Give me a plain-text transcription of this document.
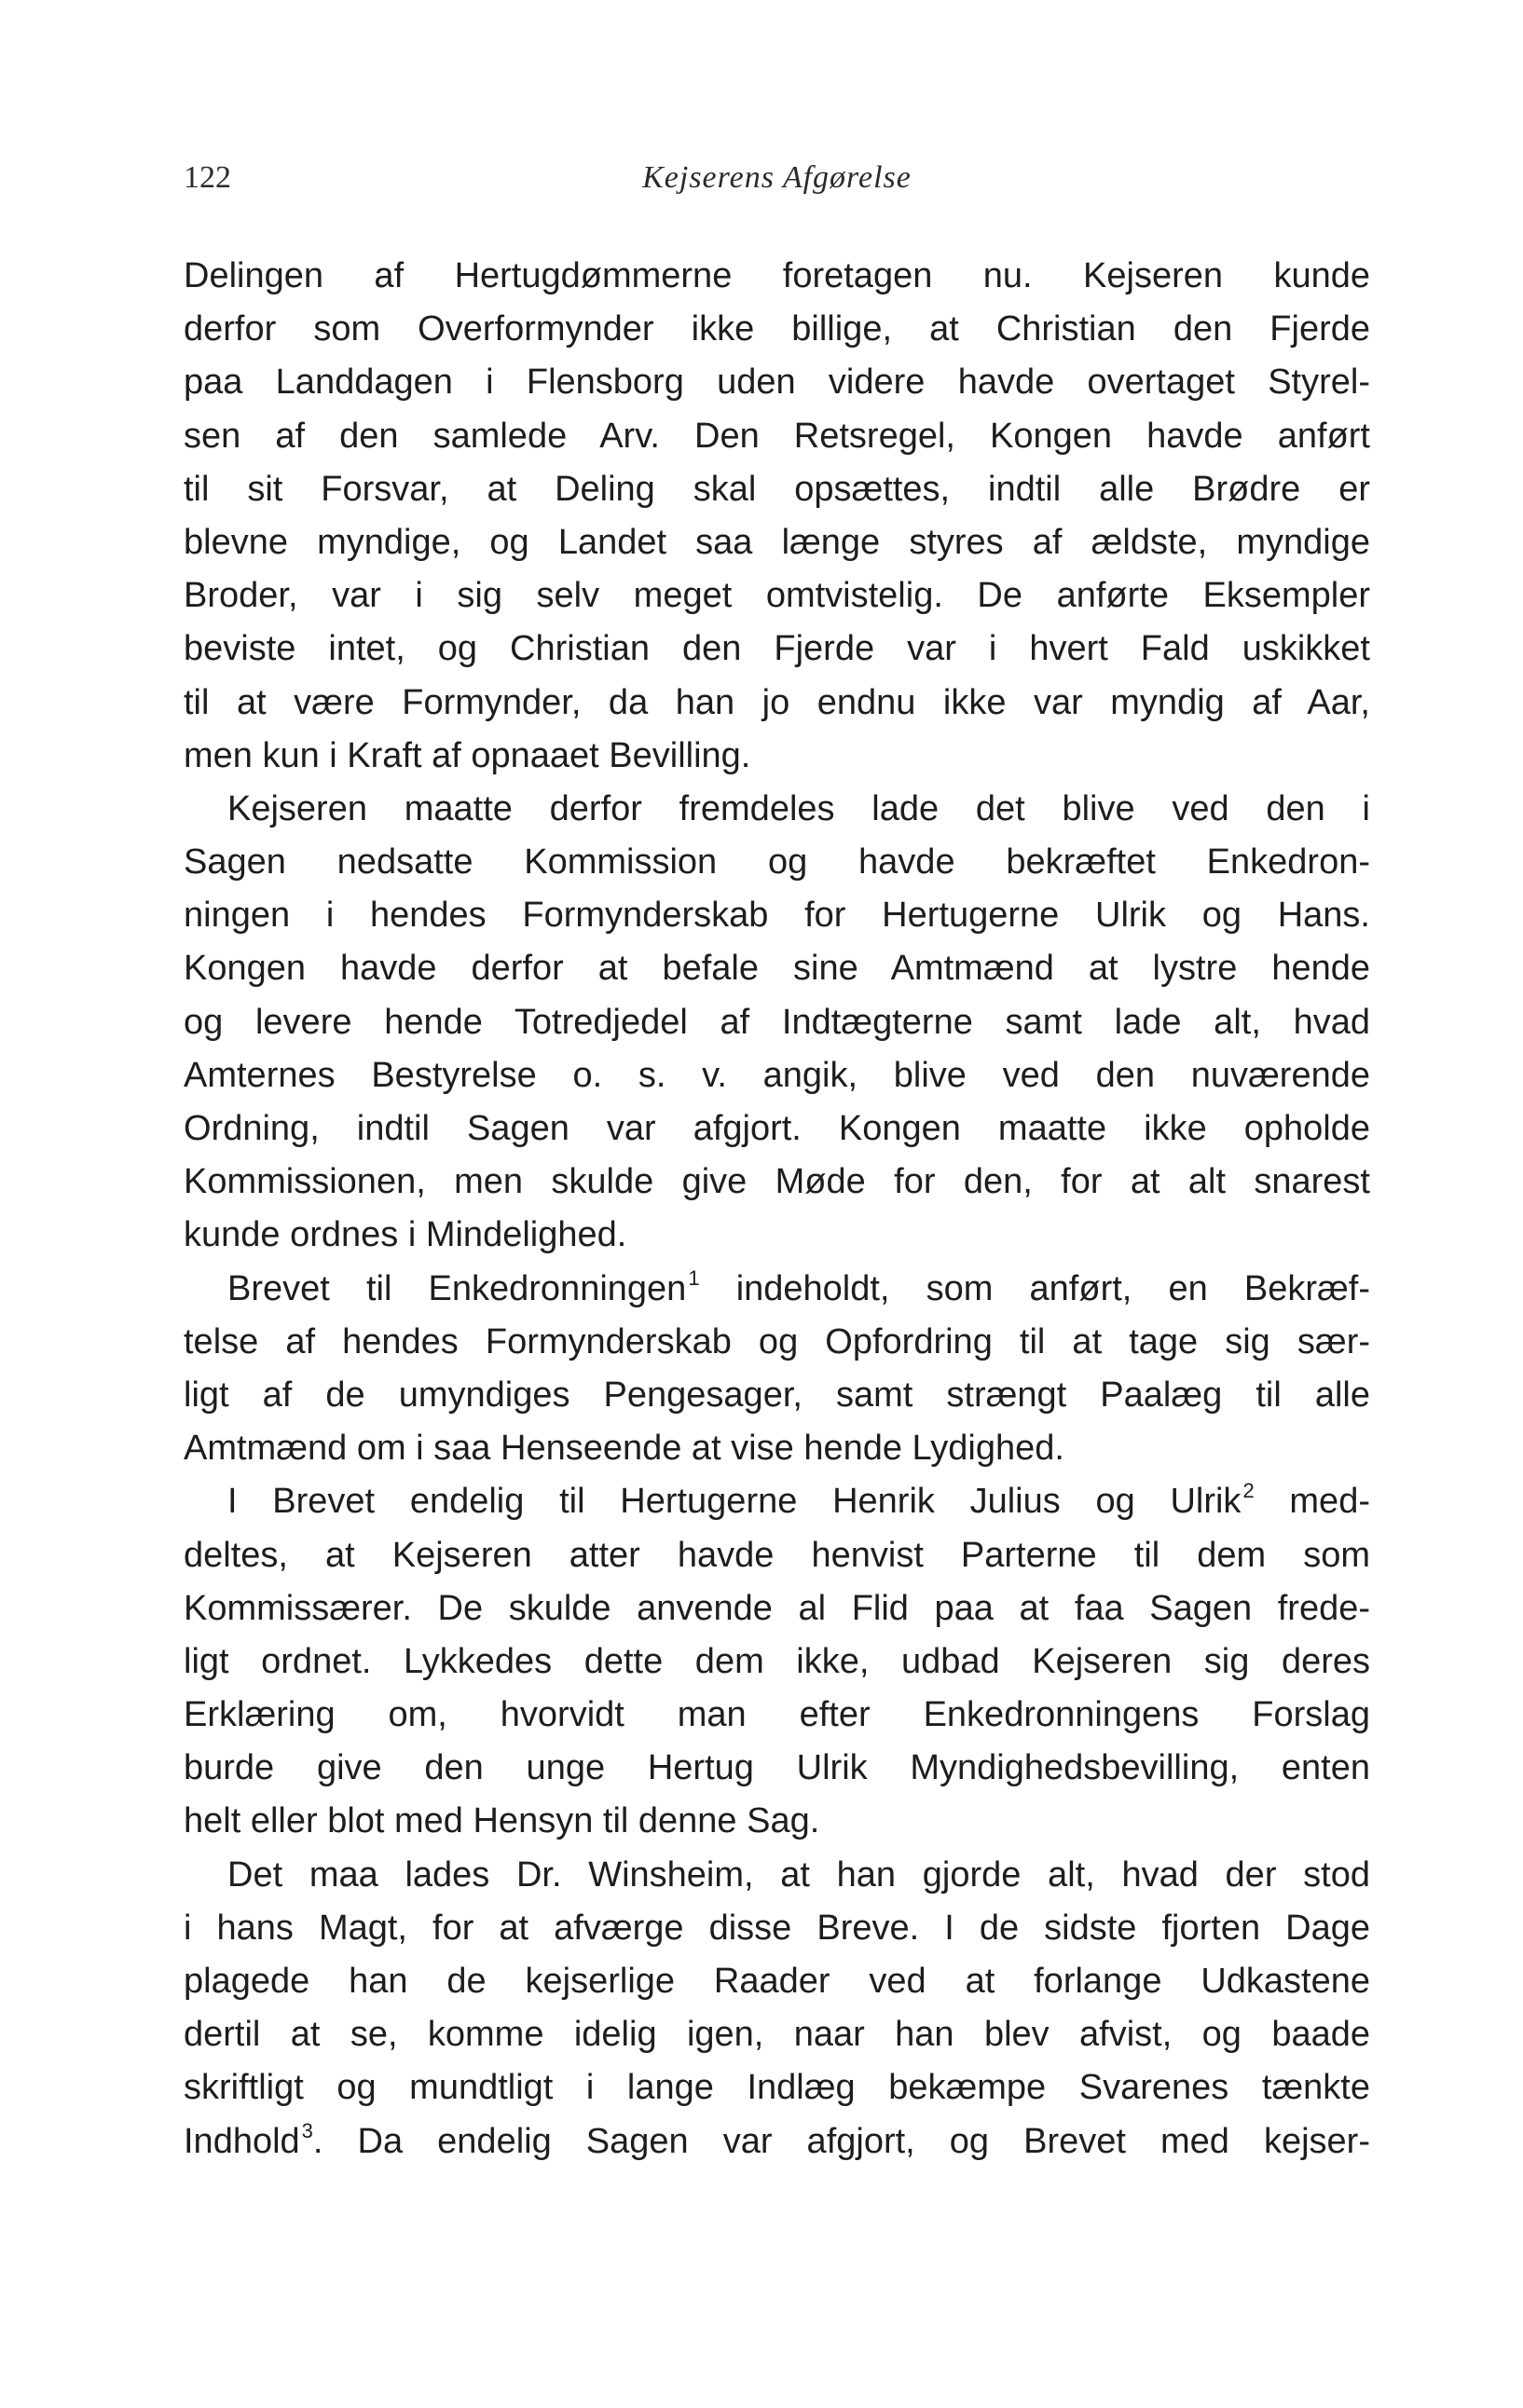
122	Kejserens Afgørelse
Delingen af Hertugdømmerne foretagen nu. Kejseren kunde
derfor som Overformynder ikke billige, at Christian den Fjerde
paa Landdagen i Flensborg uden videre havde overtaget Styrel-
sen af den samlede Arv. Den Retsregel, Kongen havde anført
til sit Forsvar, at Deling skal opsættes, indtil alle Brødre er
blevne myndige, og Landet saa længe styres af ældste, myndige
Broder, var i sig selv meget omtvistelig. De anførte Eksempler
beviste intet, og Christian den Fjerde var i hvert Fald uskikket
til at være Formynder, da han jo endnu ikke var myndig af Aar,
men kun i Kraft af opnaaet Bevilling.
Kejseren maatte derfor fremdeles lade det blive ved den i
Sagen nedsatte Kommission og havde bekræftet Enkedron-
ningen i hendes Formynderskab for Hertugerne Ulrik og Hans.
Kongen havde derfor at befale sine Amtmænd at lystre hende
og levere hende Totredjedel af Indtægterne samt lade alt, hvad
Amternes Bestyrelse o. s. v. angik, blive ved den nuværende
Ordning, indtil Sagen var afgjort. Kongen maatte ikke opholde
Kommissionen, men skulde give Møde for den, for at alt snarest
kunde ordnes i Mindelighed.
Brevet til Enkedronningen$^1$ indeholdt, som anført, en Bekræf-
telse af hendes Formynderskab og Opfordring til at tage sig sær-
ligt af de umyndiges Pengesager, samt strængt Paalæg til alle
Amtmænd om i saa Henseende at vise hende Lydighed.
I Brevet endelig til Hertugerne Henrik Julius og Ulrik$^2$ med-
deltes, at Kejseren atter havde henvist Parterne til dem som
Kommissærer. De skulde anvende al Flid paa at faa Sagen frede-
ligt ordnet. Lykkedes dette dem ikke, udbad Kejseren sig deres
Erklæring om, hvorvidt man efter Enkedronningens Forslag
burde give den unge Hertug Ulrik Myndighedsbevilling, enten
helt eller blot med Hensyn til denne Sag.
Det maa lades Dr. Winsheim, at han gjorde alt, hvad der stod
i hans Magt, for at afværge disse Breve. I de sidste fjorten Dage
plagede han de kejserlige Raader ved at forlange Udkastene
dertil at se, komme idelig igen, naar han blev afvist, og baade
skriftligt og mundtligt i lange Indlæg bekæmpe Svarenes tænkte
Indhold$^3$. Da endelig Sagen var afgjort, og Brevet med kejser-
